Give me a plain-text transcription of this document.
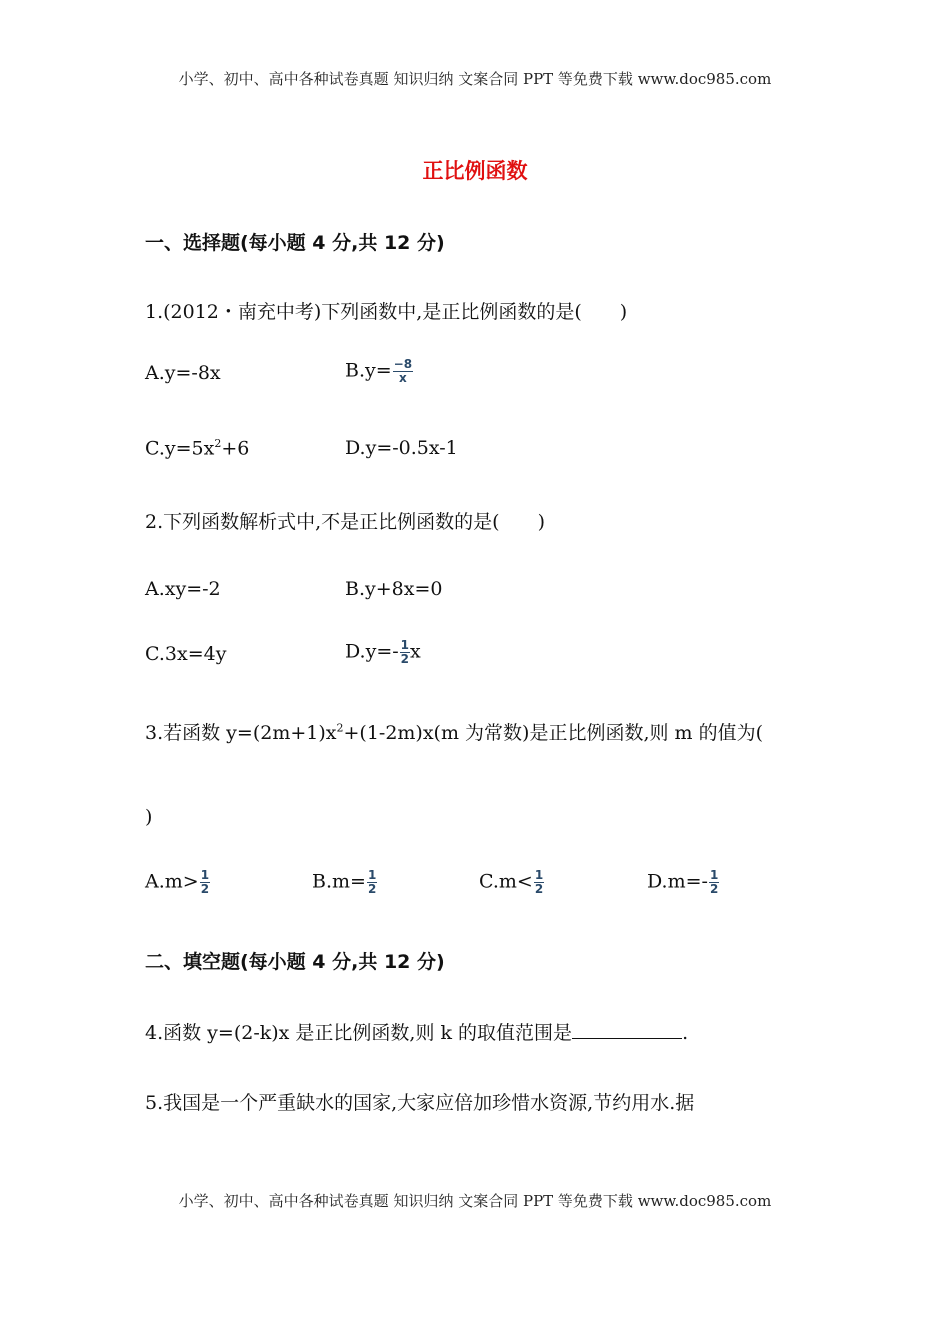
小学、初中、高中各种试卷真题 知识归纳 文案合同 PPT 等免费下载 www.doc985.com
正比例函数
一、选择题(每小题 4 分,共 12 分)
1.(2012・南充中考)下列函数中,是正比例函数的是(　　)
A.y=-8x	$B.y= \frac{-8}{x}$
$C.y=5x^2+6$	D.y=-0.5x-1
2.下列函数解析式中,不是正比例函数的是(　　)
A.xy=-2	B.y+8x=0
C.3x=4y	$D.y=- \frac{1}{2}$ x
3.若函数 $y=(2m+1)x^2+(1-2m)x(m$ 为常数)是正比例函数,则 m 的值为(
)
$A.m> \frac{1}{2}$	$B.m= \frac{1}{2}$	$C.m< \frac{1}{2}$	$D.m=- \frac{1}{2}$
二、填空题(每小题 4 分,共 12 分)
4.函数 y=(2-k)x 是正比例函数,则 k 的取值范围是	.
5.我国是一个严重缺水的国家,大家应倍加珍惜水资源,节约用水.据
小学、初中、高中各种试卷真题 知识归纳 文案合同 PPT 等免费下载 www.doc985.com
